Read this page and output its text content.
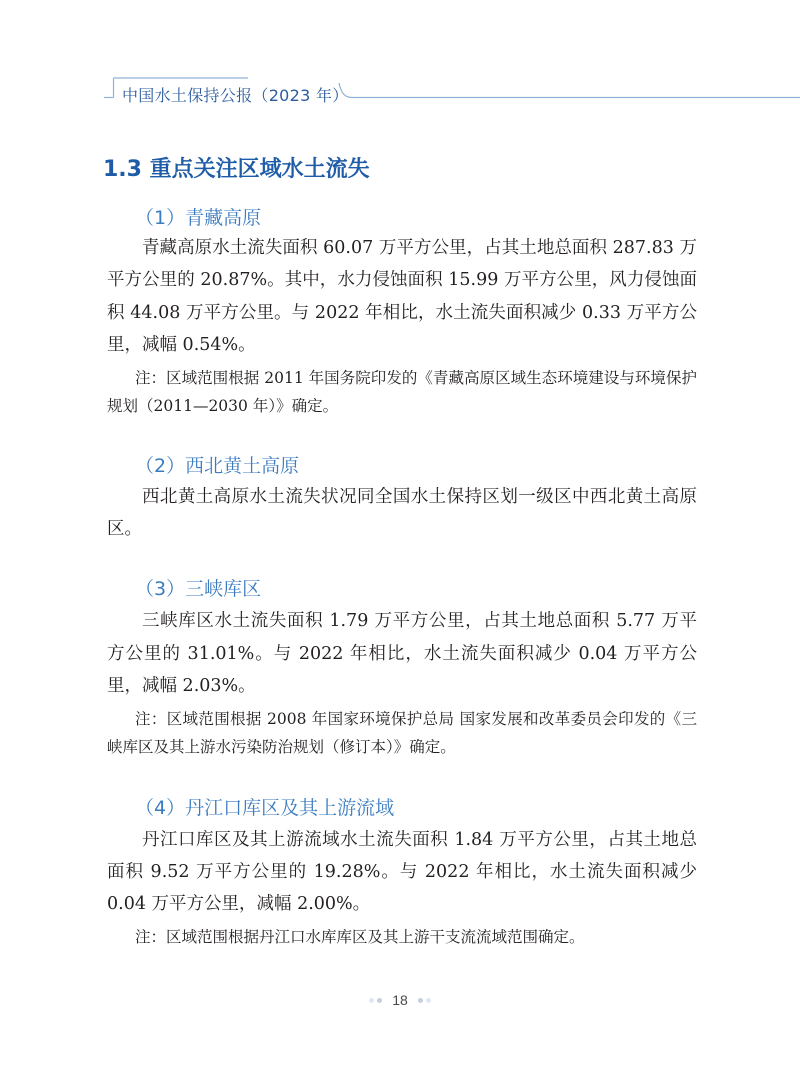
中国水土保持公报（2023 年）
1.3 重点关注区域水土流失
（1）青藏高原

青藏高原水土流失面积 60.07 万平方公里，占其土地总面积 287.83 万平方公里的 20.87%。其中，水力侵蚀面积 15.99 万平方公里，风力侵蚀面积 44.08 万平方公里。与 2022 年相比，水土流失面积减少 0.33 万平方公里，减幅 0.54%。

注：区域范围根据 2011 年国务院印发的《青藏高原区域生态环境建设与环境保护规划（2011—2030 年）》确定。

（2）西北黄土高原

西北黄土高原水土流失状况同全国水土保持区划一级区中西北黄土高原区。

（3）三峡库区

三峡库区水土流失面积 1.79 万平方公里，占其土地总面积 5.77 万平方公里的 31.01%。与 2022 年相比，水土流失面积减少 0.04 万平方公里，减幅 2.03%。

注：区域范围根据 2008 年国家环境保护总局 国家发展和改革委员会印发的《三峡库区及其上游水污染防治规划（修订本）》确定。

（4）丹江口库区及其上游流域

丹江口库区及其上游流域水土流失面积 1.84 万平方公里，占其土地总面积 9.52 万平方公里的 19.28%。与 2022 年相比，水土流失面积减少 0.04 万平方公里，减幅 2.00%。

注：区域范围根据丹江口水库库区及其上游干支流流域范围确定。

18
